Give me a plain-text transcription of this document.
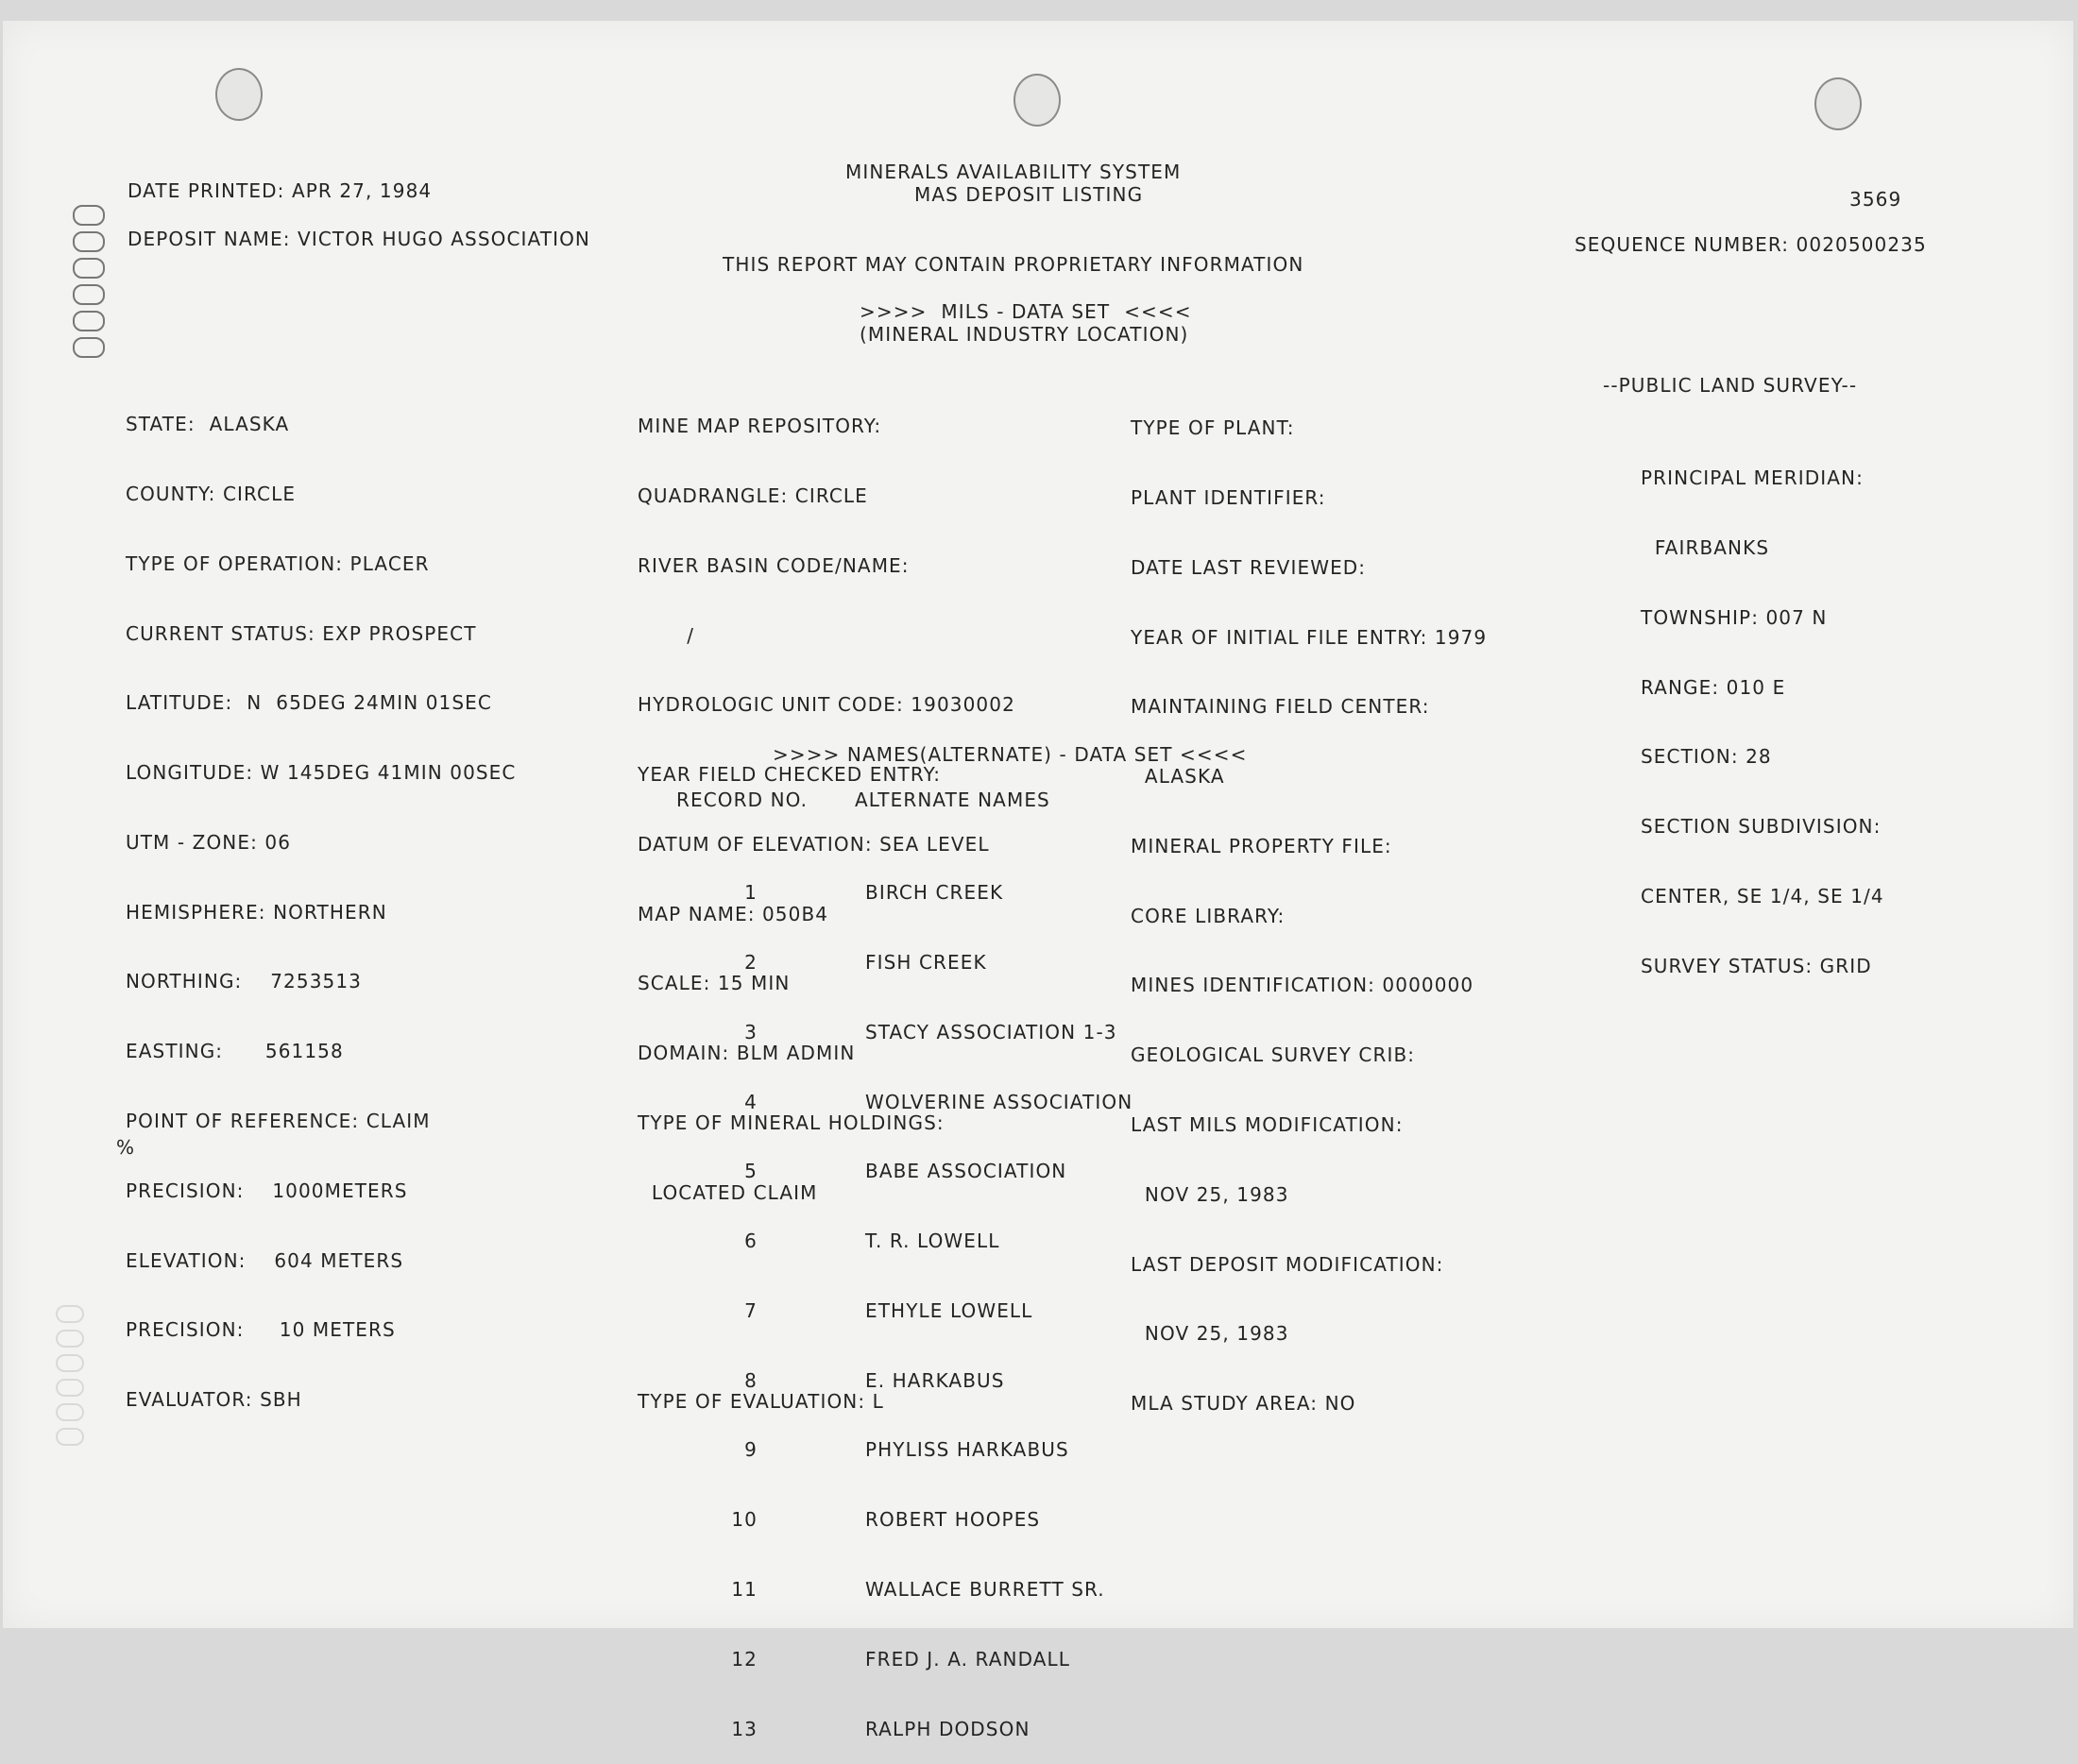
DATE PRINTED: APR 27, 1984
DEPOSIT NAME: VICTOR HUGO ASSOCIATION
MINERALS AVAILABILITY SYSTEM
MAS DEPOSIT LISTING
THIS REPORT MAY CONTAIN PROPRIETARY INFORMATION
3569
SEQUENCE NUMBER: 0020500235
>>>>  MILS - DATA SET  <<<<
(MINERAL INDUSTRY LOCATION)

STATE:  ALASKA

COUNTY: CIRCLE

TYPE OF OPERATION: PLACER

CURRENT STATUS: EXP PROSPECT

LATITUDE:  N  65DEG 24MIN 01SEC

LONGITUDE: W 145DEG 41MIN 00SEC

UTM - ZONE: 06

HEMISPHERE: NORTHERN

NORTHING:    7253513

EASTING:      561158

POINT OF REFERENCE: CLAIM

PRECISION:    1000METERS

ELEVATION:    604 METERS

PRECISION:     10 METERS

EVALUATOR: SBH

MINE MAP REPOSITORY:

QUADRANGLE: CIRCLE

RIVER BASIN CODE/NAME:

/

HYDROLOGIC UNIT CODE: 19030002

YEAR FIELD CHECKED ENTRY:

DATUM OF ELEVATION: SEA LEVEL

MAP NAME: 050B4

SCALE: 15 MIN

DOMAIN: BLM ADMIN

TYPE OF MINERAL HOLDINGS:

LOCATED CLAIM

TYPE OF EVALUATION: L

TYPE OF PLANT:

PLANT IDENTIFIER:

DATE LAST REVIEWED:

YEAR OF INITIAL FILE ENTRY: 1979

MAINTAINING FIELD CENTER:

ALASKA

MINERAL PROPERTY FILE:

CORE LIBRARY:

MINES IDENTIFICATION: 0000000

GEOLOGICAL SURVEY CRIB:

LAST MILS MODIFICATION:

NOV 25, 1983

LAST DEPOSIT MODIFICATION:

NOV 25, 1983

MLA STUDY AREA: NO

--PUBLIC LAND SURVEY--

PRINCIPAL MERIDIAN:

FAIRBANKS

TOWNSHIP: 007 N

RANGE: 010 E

SECTION: 28

SECTION SUBDIVISION:

CENTER, SE 1/4, SE 1/4

SURVEY STATUS: GRID

>>>> NAMES(ALTERNATE) - DATA SET <<<<
RECORD NO. ALTERNATE NAMES

1

2

3

4

5

6

7

8

9

10

11

12

13

BIRCH CREEK

FISH CREEK

STACY ASSOCIATION 1-3

WOLVERINE ASSOCIATION

BABE ASSOCIATION

T. R. LOWELL

ETHYLE LOWELL

E. HARKABUS

PHYLISS HARKABUS

ROBERT HOOPES

WALLACE BURRETT SR.

FRED J. A. RANDALL

RALPH DODSON

%
